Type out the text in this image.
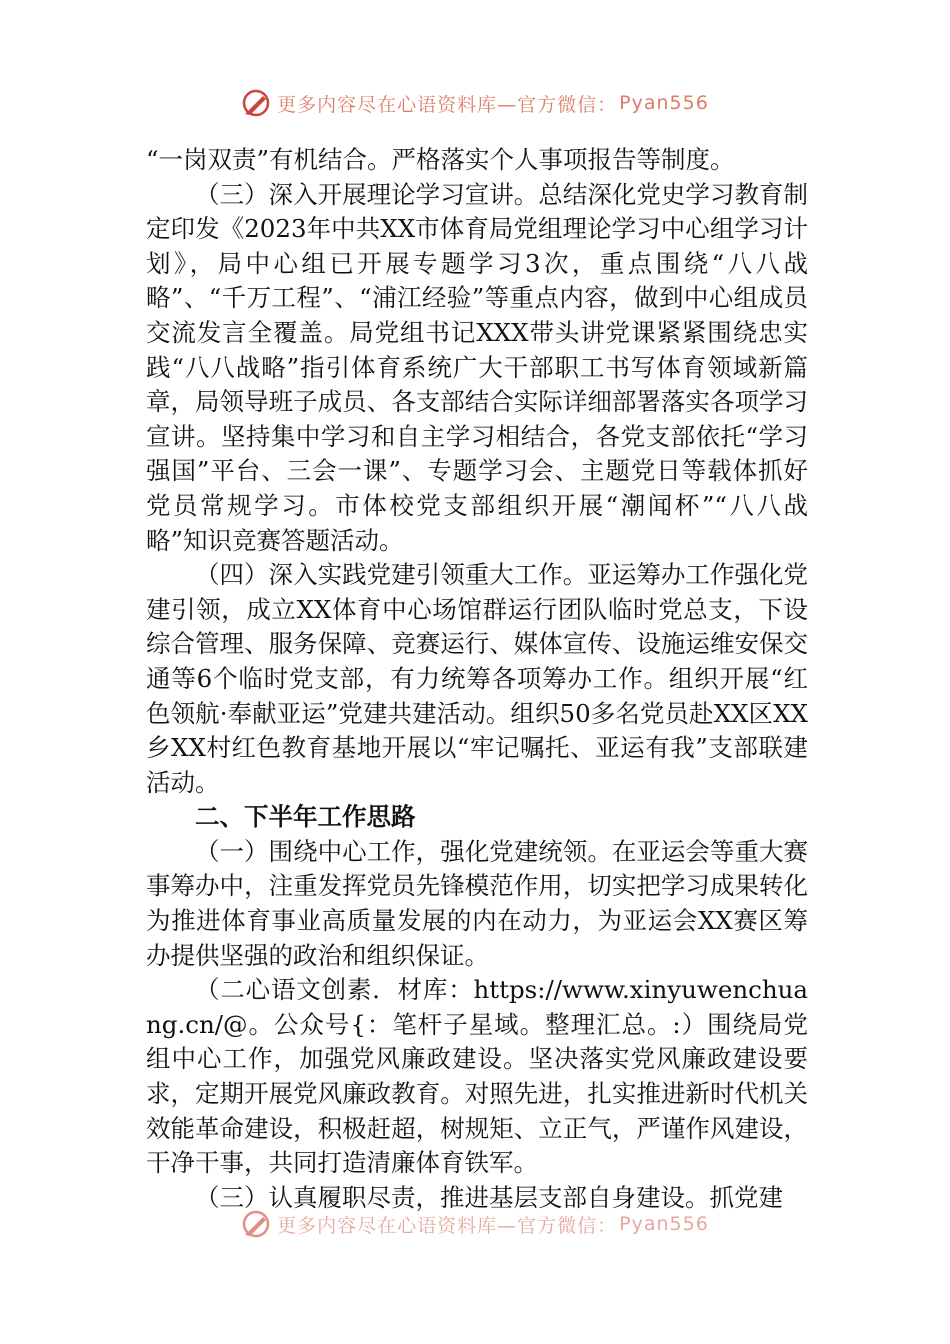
更多内容尽在心语资料库—官方微信： Pyan556

“一岗双责”有机结合。严格落实个人事项报告等制度。

（三）深入开展理论学习宣讲。总结深化党史学习教育制定印发《2023年中共XX市体育局党组理论学习中心组学习计划》，局中心组已开展专题学习3次，重点围绕“八八战略”、“千万工程”、“浦江经验”等重点内容，做到中心组成员交流发言全覆盖。局党组书记XXX带头讲党课紧紧围绕忠实践“八八战略”指引体育系统广大干部职工书写体育领域新篇章，局领导班子成员、各支部结合实际详细部署落实各项学习宣讲。坚持集中学习和自主学习相结合，各党支部依托“学习强国”平台、三会一课”、专题学习会、主题党日等载体抓好党员常规学习。市体校党支部组织开展“潮闻杯”“八八战略”知识竞赛答题活动。

（四）深入实践党建引领重大工作。亚运筹办工作强化党建引领，成立XX体育中心场馆群运行团队临时党总支，下设综合管理、服务保障、竞赛运行、媒体宣传、设施运维安保交通等6个临时党支部，有力统筹各项筹办工作。组织开展“红色领航·奉献亚运”党建共建活动。组织50多名党员赴XX区XX乡XX村红色教育基地开展以“牢记嘱托、亚运有我”支部联建活动。

二、下半年工作思路

（一）围绕中心工作，强化党建统领。在亚运会等重大赛事筹办中，注重发挥党员先锋模范作用，切实把学习成果转化为推进体育事业高质量发展的内在动力，为亚运会XX赛区筹办提供坚强的政治和组织保证。

（二心语文创素．材库：https://www.xinyuwenchuang.cn/@。公众号{：笔杆子星域。整理汇总。:）围绕局党组中心工作，加强党风廉政建设。坚决落实党风廉政建设要求，定期开展党风廉政教育。对照先进，扎实推进新时代机关效能革命建设，积极赶超，树规矩、立正气，严谨作风建设，干净干事，共同打造清廉体育铁军。

（三）认真履职尽责，推进基层支部自身建设。抓党建

更多内容尽在心语资料库—官方微信： Pyan556
